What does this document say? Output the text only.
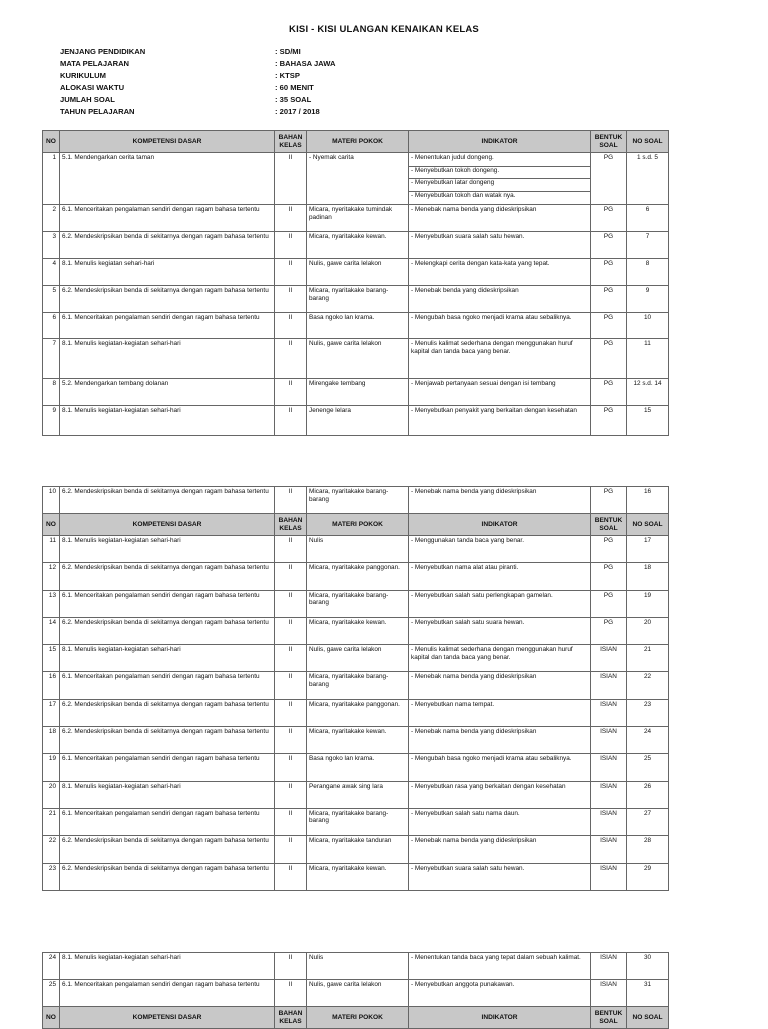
KISI - KISI ULANGAN KENAIKAN KELAS
JENJANG PENDIDIKAN	: SD/MI
MATA PELAJARAN	: BAHASA JAWA
KURIKULUM	: KTSP
ALOKASI WAKTU	: 60 MENIT
JUMLAH SOAL	: 35 SOAL
TAHUN PELAJARAN	: 2017 / 2018
NO	KOMPETENSI DASAR	BAHAN KELAS	MATERI POKOK	INDIKATOR	BENTUK SOAL	NO SOAL
1	5.1. Mendengarkan cerita taman	II	- Nyemak carita	- Menentukan judul dongeng.
- Menyebutkan tokoh dongeng.
- Menyebutkan latar dongeng
- Menyebutkan tokoh dan watak nya.	PG	1 s.d. 5
2	6.1. Menceritakan pengalaman sendiri dengan ragam bahasa tertentu	II	Micara, nyeritakake tumindak padinan	- Menebak nama benda yang dideskripsikan	PG	6
3	6.2. Mendeskripsikan benda di sekitarnya dengan ragam bahasa tertentu	II	Micara, nyaritakake kewan.	- Menyebutkan suara salah satu hewan.	PG	7
4	8.1. Menulis kegiatan sehari-hari	II	Nulis, gawe carita lelakon	- Melengkapi cerita dengan kata-kata yang tepat.	PG	8
5	6.2. Mendeskripsikan benda di sekitarnya dengan ragam bahasa tertentu	II	Micara, nyaritakake barang-barang	- Menebak benda yang dideskripsikan	PG	9
6	6.1. Menceritakan pengalaman sendiri dengan ragam bahasa tertentu	II	Basa ngoko lan krama.	- Mengubah basa ngoko menjadi krama atau sebaliknya.	PG	10
7	8.1. Menulis kegiatan-kegiatan sehari-hari	II	Nulis, gawe carita lelakon	- Menulis kalimat sederhana dengan menggunakan huruf kapital dan tanda baca yang benar.	PG	11
8	5.2. Mendengarkan tembang dolanan	II	Mirengake tembang	- Menjawab pertanyaan sesuai dengan isi tembang	PG	12 s.d. 14
9	8.1. Menulis kegiatan-kegiatan sehari-hari	II	Jenenge lelara	- Menyebutkan penyakit yang berkaitan dengan kesehatan	PG	15
10	6.2. Mendeskripsikan benda di sekitarnya dengan ragam bahasa tertentu	II	Micara, nyaritakake barang-barang	- Menebak nama benda yang dideskripsikan	PG	16
NO	KOMPETENSI DASAR	BAHAN KELAS	MATERI POKOK	INDIKATOR	BENTUK SOAL	NO SOAL
11	8.1. Menulis kegiatan-kegiatan sehari-hari	II	Nulis	- Menggunakan tanda baca yang benar.	PG	17
12	6.2. Mendeskripsikan benda di sekitarnya dengan ragam bahasa tertentu	II	Micara, nyaritakake panggonan.	- Menyebutkan nama alat atau piranti.	PG	18
13	6.1. Menceritakan pengalaman sendiri dengan ragam bahasa tertentu	II	Micara, nyaritakake barang-barang	- Menyebutkan salah satu perlengkapan gamelan.	PG	19
14	6.2. Mendeskripsikan benda di sekitarnya dengan ragam bahasa tertentu	II	Micara, nyaritakake kewan.	- Menyebutkan salah satu suara hewan.	PG	20
15	8.1. Menulis kegiatan-kegiatan sehari-hari	II	Nulis, gawe carita lelakon	- Menulis kalimat sederhana dengan menggunakan huruf kapital dan tanda baca yang benar.	ISIAN	21
16	6.1. Menceritakan pengalaman sendiri dengan ragam bahasa tertentu	II	Micara, nyaritakake barang-barang	- Menebak nama benda yang dideskripsikan	ISIAN	22
17	6.2. Mendeskripsikan benda di sekitarnya dengan ragam bahasa tertentu	II	Micara, nyaritakake panggonan.	- Menyebutkan nama tempat.	ISIAN	23
18	6.2. Mendeskripsikan benda di sekitarnya dengan ragam bahasa tertentu	II	Micara, nyaritakake kewan.	- Menebak nama benda yang dideskripsikan	ISIAN	24
19	6.1. Menceritakan pengalaman sendiri dengan ragam bahasa tertentu	II	Basa ngoko lan krama.	- Mengubah basa ngoko menjadi krama atau sebaliknya.	ISIAN	25
20	8.1. Menulis kegiatan-kegiatan sehari-hari	II	Perangane awak sing lara	- Menyebutkan rasa yang berkaitan dengan kesehatan	ISIAN	26
21	6.1. Menceritakan pengalaman sendiri dengan ragam bahasa tertentu	II	Micara, nyaritakake barang-barang	- Menyebutkan salah satu nama daun.	ISIAN	27
22	6.2. Mendeskripsikan benda di sekitarnya dengan ragam bahasa tertentu	II	Micara, nyaritakake tanduran	- Menebak nama benda yang dideskripsikan	ISIAN	28
23	6.2. Mendeskripsikan benda di sekitarnya dengan ragam bahasa tertentu	II	Micara, nyaritakake kewan.	- Menyebutkan suara salah satu hewan.	ISIAN	29
24	8.1. Menulis kegiatan-kegiatan sehari-hari	II	Nulis	- Menentukan tanda baca yang tepat dalam sebuah kalimat.	ISIAN	30
25	6.1. Menceritakan pengalaman sendiri dengan ragam bahasa tertentu	II	Nulis, gawe carita lelakon	- Menyebutkan anggota punakawan.	ISIAN	31
NO	KOMPETENSI DASAR	BAHAN KELAS	MATERI POKOK	INDIKATOR	BENTUK SOAL	NO SOAL
